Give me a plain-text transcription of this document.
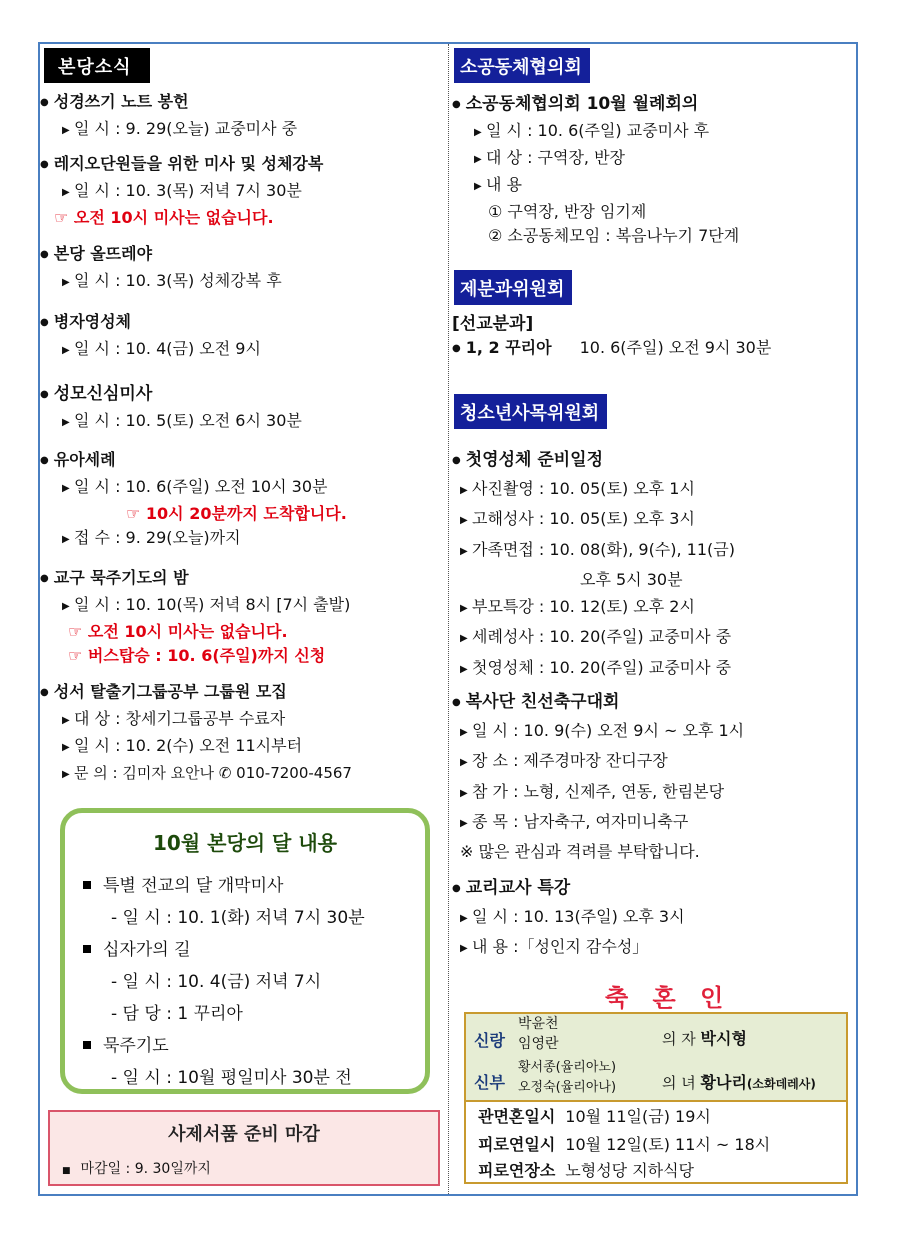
본당소식
● 성경쓰기 노트 봉헌
▶ 일 시 : 9. 29(오늘) 교중미사 중
● 레지오단원들을 위한 미사 및 성체강복
▶ 일 시 : 10. 3(목) 저녁 7시 30분
☞ 오전 10시 미사는 없습니다.
● 본당 올뜨레야
▶ 일 시 : 10. 3(목) 성체강복 후
● 병자영성체
▶ 일 시 : 10. 4(금) 오전 9시
● 성모신심미사
▶ 일 시 : 10. 5(토) 오전 6시 30분
● 유아세례
▶ 일 시 : 10. 6(주일) 오전 10시 30분
☞ 10시 20분까지 도착합니다.
▶ 접 수 : 9. 29(오늘)까지
● 교구 묵주기도의 밤
▶ 일 시 : 10. 10(목) 저녁 8시 [7시 출발)
☞ 오전 10시 미사는 없습니다.
☞ 버스탑승 : 10. 6(주일)까지 신청
● 성서 탈출기그룹공부 그룹원 모집
▶ 대 상 : 창세기그룹공부 수료자
▶ 일 시 : 10. 2(수) 오전 11시부터
▶ 문 의 : 김미자 요안나 ✆ 010-7200-4567
10월 본당의 달 내용
특별 전교의 달 개막미사
- 일 시 : 10. 1(화) 저녁 7시 30분
십자가의 길
- 일 시 : 10. 4(금) 저녁 7시
- 담 당 : 1 꾸리아
묵주기도
- 일 시 : 10월 평일미사 30분 전
사제서품 준비 마감
■ 마감일 : 9. 30일까지
소공동체협의회
● 소공동체협의회 10월 월례회의
▶ 일 시 : 10. 6(주일) 교중미사 후
▶ 대 상 : 구역장, 반장
▶ 내 용
① 구역장, 반장 임기제
② 소공동체모임 : 복음나누기 7단계
제분과위원회
[선교분과]
● 1, 2 꾸리아 10. 6(주일) 오전 9시 30분
청소년사목위원회
● 첫영성체 준비일정
▶ 사진촬영 : 10. 05(토) 오후 1시
▶ 고해성사 : 10. 05(토) 오후 3시
▶ 가족면접 : 10. 08(화), 9(수), 11(금)
오후 5시 30분
▶ 부모특강 : 10. 12(토) 오후 2시
▶ 세례성사 : 10. 20(주일) 교중미사 중
▶ 첫영성체 : 10. 20(주일) 교중미사 중
● 복사단 친선축구대회
▶ 일 시 : 10. 9(수) 오전 9시 ~ 오후 1시
▶ 장 소 : 제주경마장 잔디구장
▶ 참 가 : 노형, 신제주, 연동, 한림본당
▶ 종 목 : 남자축구, 여자미니축구
※ 많은 관심과 격려를 부탁합니다.
● 교리교사 특강
▶ 일 시 : 10. 13(주일) 오후 3시
▶ 내 용 :「성인지 감수성」
축 혼 인
신랑
박윤천
임영란	의 자 박시형
신부
황서종(율리아노)
오정숙(율리아나)	의 녀 황나리(소화데레사)
관면혼일시 10월 11일(금) 19시
피로연일시 10월 12일(토) 11시 ~ 18시
피로연장소 노형성당 지하식당
